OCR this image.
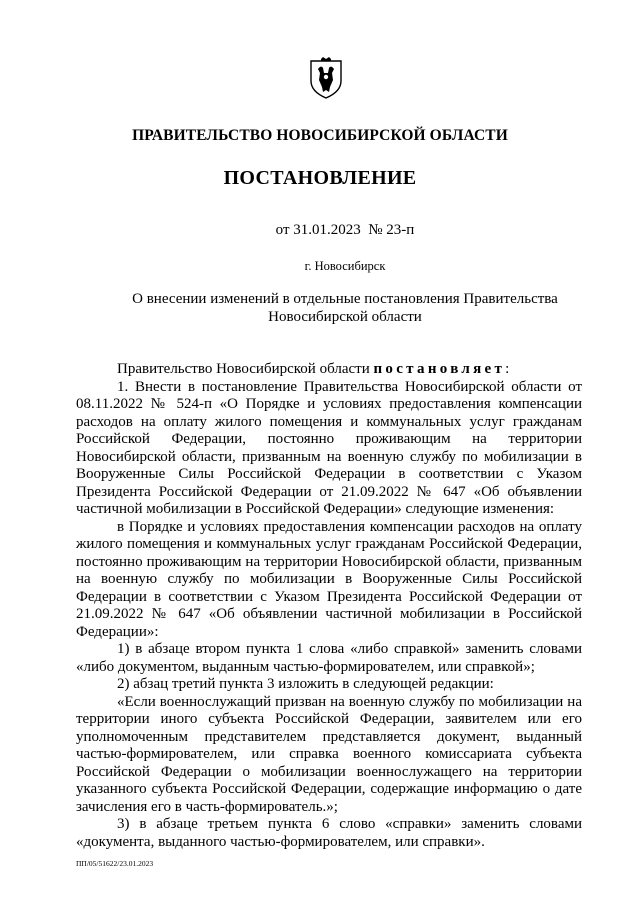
ПРАВИТЕЛЬСТВО НОВОСИБИРСКОЙ ОБЛАСТИ
ПОСТАНОВЛЕНИЕ
от 31.01.2023  № 23-п
г. Новосибирск
О внесении изменений в отдельные постановления Правительства Новосибирской области

Правительство Новосибирской области постановляет:

1. Внести в постановление Правительства Новосибирской области от 08.11.2022 № 524-п «О Порядке и условиях предоставления компенсации расходов на оплату жилого помещения и коммунальных услуг гражданам Российской Федерации, постоянно проживающим на территории Новосибирской области, призванным на военную службу по мобилизации в Вооруженные Силы Российской Федерации в соответствии с Указом Президента Российской Федерации от 21.09.2022 № 647 «Об объявлении частичной мобилизации в Российской Федерации» следующие изменения:

в Порядке и условиях предоставления компенсации расходов на оплату жилого помещения и коммунальных услуг гражданам Российской Федерации, постоянно проживающим на территории Новосибирской области, призванным на военную службу по мобилизации в Вооруженные Силы Российской Федерации в соответствии с Указом Президента Российской Федерации от 21.09.2022 № 647 «Об объявлении частичной мобилизации в Российской Федерации»:

1) в абзаце втором пункта 1 слова «либо справкой» заменить словами «либо документом, выданным частью-формирователем, или справкой»;

2) абзац третий пункта 3 изложить в следующей редакции:

«Если военнослужащий призван на военную службу по мобилизации на территории иного субъекта Российской Федерации, заявителем или его уполномоченным представителем представляется документ, выданный частью-формирователем, или справка военного комиссариата субъекта Российской Федерации о мобилизации военнослужащего на территории указанного субъекта Российской Федерации, содержащие информацию о дате зачисления его в часть-формирователь.»;

3) в абзаце третьем пункта 6 слово «справки» заменить словами «документа, выданного частью-формирователем, или справки».

ПП/05/51622/23.01.2023
